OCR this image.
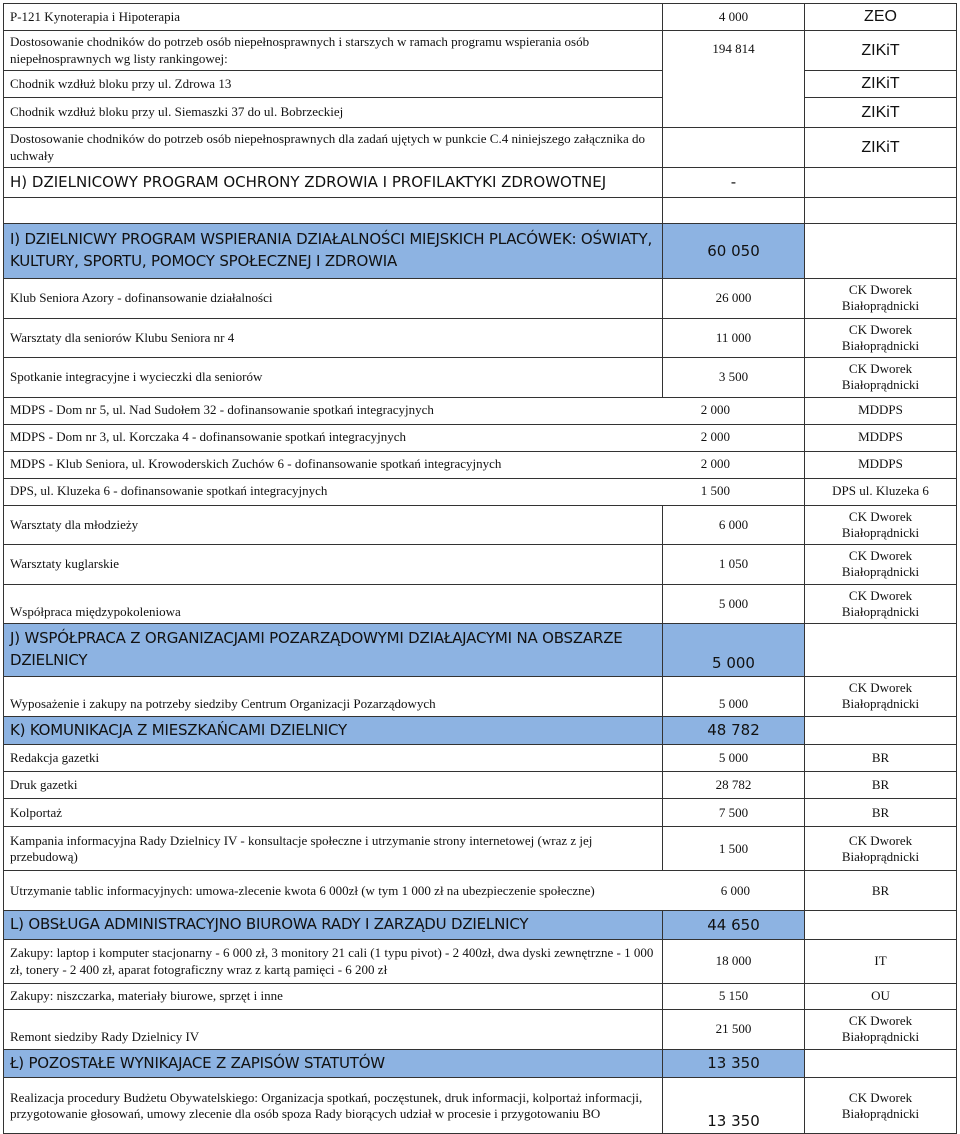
P-121 Kynoterapia i Hipoterapia	4 000	ZEO
Dostosowanie chodników do potrzeb osób niepełnosprawnych i starszych w ramach programu wspierania osób niepełnosprawnych wg listy rankingowej:	194 814	ZIKiT
Chodnik wzdłuż bloku przy ul. Zdrowa 13		ZIKiT
Chodnik wzdłuż bloku przy ul. Siemaszki 37 do ul. Bobrzeckiej		ZIKiT
Dostosowanie chodników do potrzeb osób niepełnosprawnych dla zadań ujętych w punkcie C.4 niniejszego załącznika do uchwały		ZIKiT
H) DZIELNICOWY PROGRAM OCHRONY ZDROWIA I PROFILAKTYKI ZDROWOTNEJ	-	

I) DZIELNICWY PROGRAM WSPIERANIA DZIAŁALNOŚCI MIEJSKICH PLACÓWEK: OŚWIATY, KULTURY, SPORTU, POMOCY SPOŁECZNEJ I ZDROWIA	60 050	
Klub Seniora Azory - dofinansowanie działalności	26 000	CK Dworek Białoprądnicki
Warsztaty dla seniorów Klubu Seniora nr 4	11 000	CK Dworek Białoprądnicki
Spotkanie integracyjne i wycieczki dla seniorów	3 500	CK Dworek Białoprądnicki
MDPS - Dom nr 5, ul. Nad Sudołem 32 - dofinansowanie spotkań integracyjnych 2 000		MDDPS
MDPS - Dom nr 3, ul. Korczaka 4 - dofinansowanie spotkań integracyjnych 2 000		MDDPS
MDPS - Klub Seniora, ul. Krowoderskich Zuchów 6 - dofinansowanie spotkań integracyjnych 2 000		MDDPS
DPS, ul. Kluzeka 6 - dofinansowanie spotkań integracyjnych 1 500		DPS ul. Kluzeka 6
Warsztaty dla młodzieży	6 000	CK Dworek Białoprądnicki
Warsztaty kuglarskie	1 050	CK Dworek Białoprądnicki
Współpraca międzypokoleniowa	5 000	CK Dworek Białoprądnicki
J) WSPÓŁPRACA Z ORGANIZACJAMI POZARZĄDOWYMI DZIAŁAJACYMI NA OBSZARZE DZIELNICY	5 000	
Wyposażenie i zakupy na potrzeby siedziby Centrum Organizacji Pozarządowych	5 000	CK Dworek Białoprądnicki
K) KOMUNIKACJA Z MIESZKAŃCAMI DZIELNICY	48 782	
Redakcja gazetki	5 000	BR
Druk gazetki	28 782	BR
Kolportaż	7 500	BR
Kampania informacyjna Rady Dzielnicy IV - konsultacje społeczne i utrzymanie strony internetowej (wraz z jej przebudową)	1 500	CK Dworek Białoprądnicki
Utrzymanie tablic informacyjnych: umowa-zlecenie kwota 6 000zł (w tym 1 000 zł na ubezpieczenie społeczne) 6 000		BR
L) OBSŁUGA ADMINISTRACYJNO BIUROWA RADY I ZARZĄDU DZIELNICY	44 650	
Zakupy: laptop i komputer stacjonarny - 6 000 zł, 3 monitory 21 cali (1 typu pivot) - 2 400zł, dwa dyski zewnętrzne - 1 000 zł, tonery - 2 400 zł, aparat fotograficzny wraz z kartą pamięci - 6 200 zł	18 000	IT
Zakupy: niszczarka, materiały biurowe, sprzęt i inne	5 150	OU
Remont siedziby Rady Dzielnicy IV	21 500	CK Dworek Białoprądnicki
Ł) POZOSTAŁE WYNIKAJACE Z ZAPISÓW STATUTÓW	13 350	
Realizacja procedury Budżetu Obywatelskiego: Organizacja spotkań, poczęstunek, druk informacji, kolportaż informacji, przygotowanie głosowań, umowy zlecenie dla osób spoza Rady biorących udział w procesie i przygotowaniu BO	13 350	CK Dworek Białoprądnicki
